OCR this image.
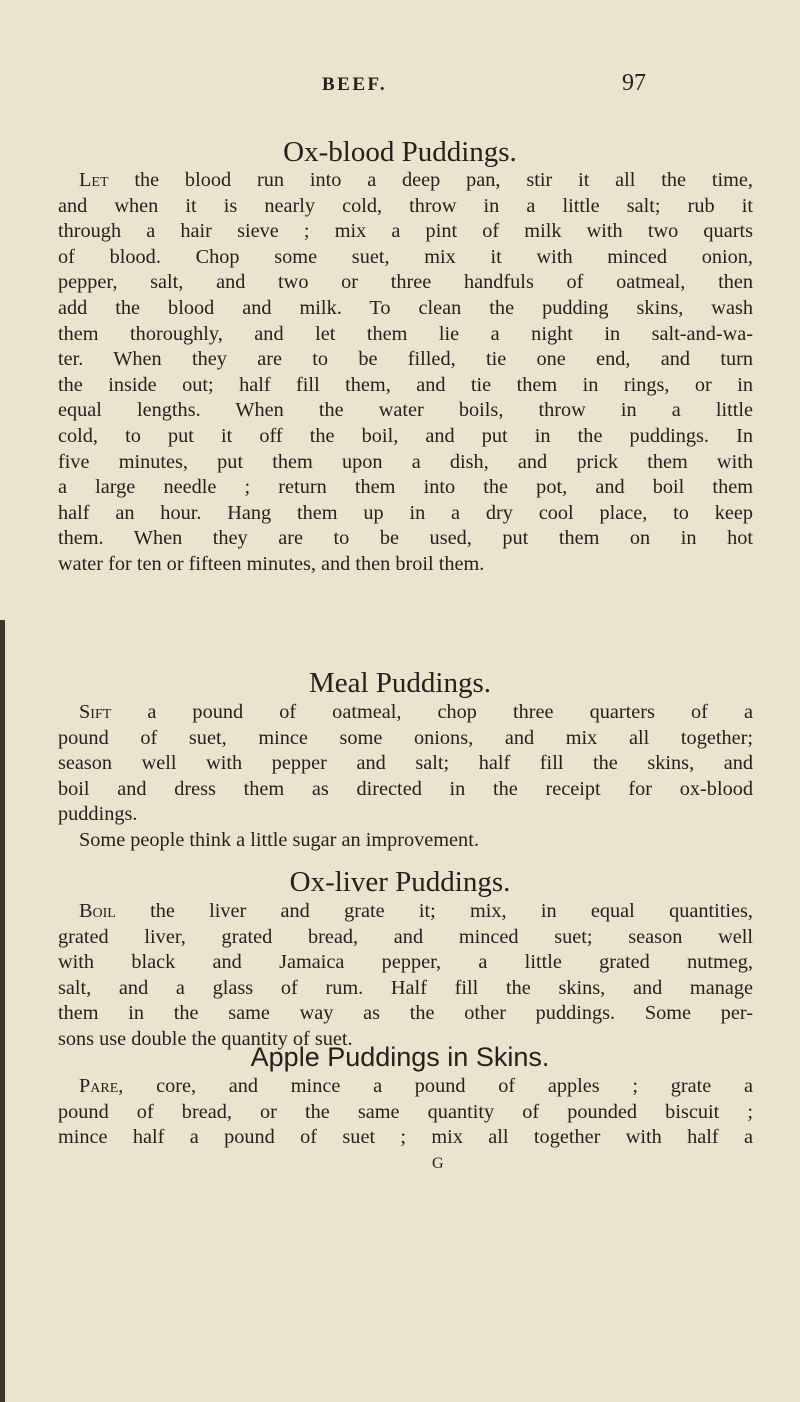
BEEF.	97
Ox-blood Puddings.
Let the blood run into a deep pan, stir it all the time,
and when it is nearly cold, throw in a little salt; rub it
through a hair sieve ; mix a pint of milk with two quarts
of blood. Chop some suet, mix it with minced onion,
pepper, salt, and two or three handfuls of oatmeal, then
add the blood and milk. To clean the pudding skins, wash
them thoroughly, and let them lie a night in salt-and-wa-
ter. When they are to be filled, tie one end, and turn
the inside out; half fill them, and tie them in rings, or in
equal lengths. When the water boils, throw in a little
cold, to put it off the boil, and put in the puddings. In
five minutes, put them upon a dish, and prick them with
a large needle ; return them into the pot, and boil them
half an hour. Hang them up in a dry cool place, to keep
them. When they are to be used, put them on in hot
water for ten or fifteen minutes, and then broil them.
Meal Puddings.
Sift a pound of oatmeal, chop three quarters of a
pound of suet, mince some onions, and mix all together;
season well with pepper and salt; half fill the skins, and
boil and dress them as directed in the receipt for ox-blood
puddings.
Some people think a little sugar an improvement.
Ox-liver Puddings.
Boil the liver and grate it; mix, in equal quantities,
grated liver, grated bread, and minced suet; season well
with black and Jamaica pepper, a little grated nutmeg,
salt, and a glass of rum. Half fill the skins, and manage
them in the same way as the other puddings. Some per-
sons use double the quantity of suet.
Apple Puddings in Skins.
Pare, core, and mince a pound of apples ; grate a
pound of bread, or the same quantity of pounded biscuit ;
mince half a pound of suet ; mix all together with half a
G
